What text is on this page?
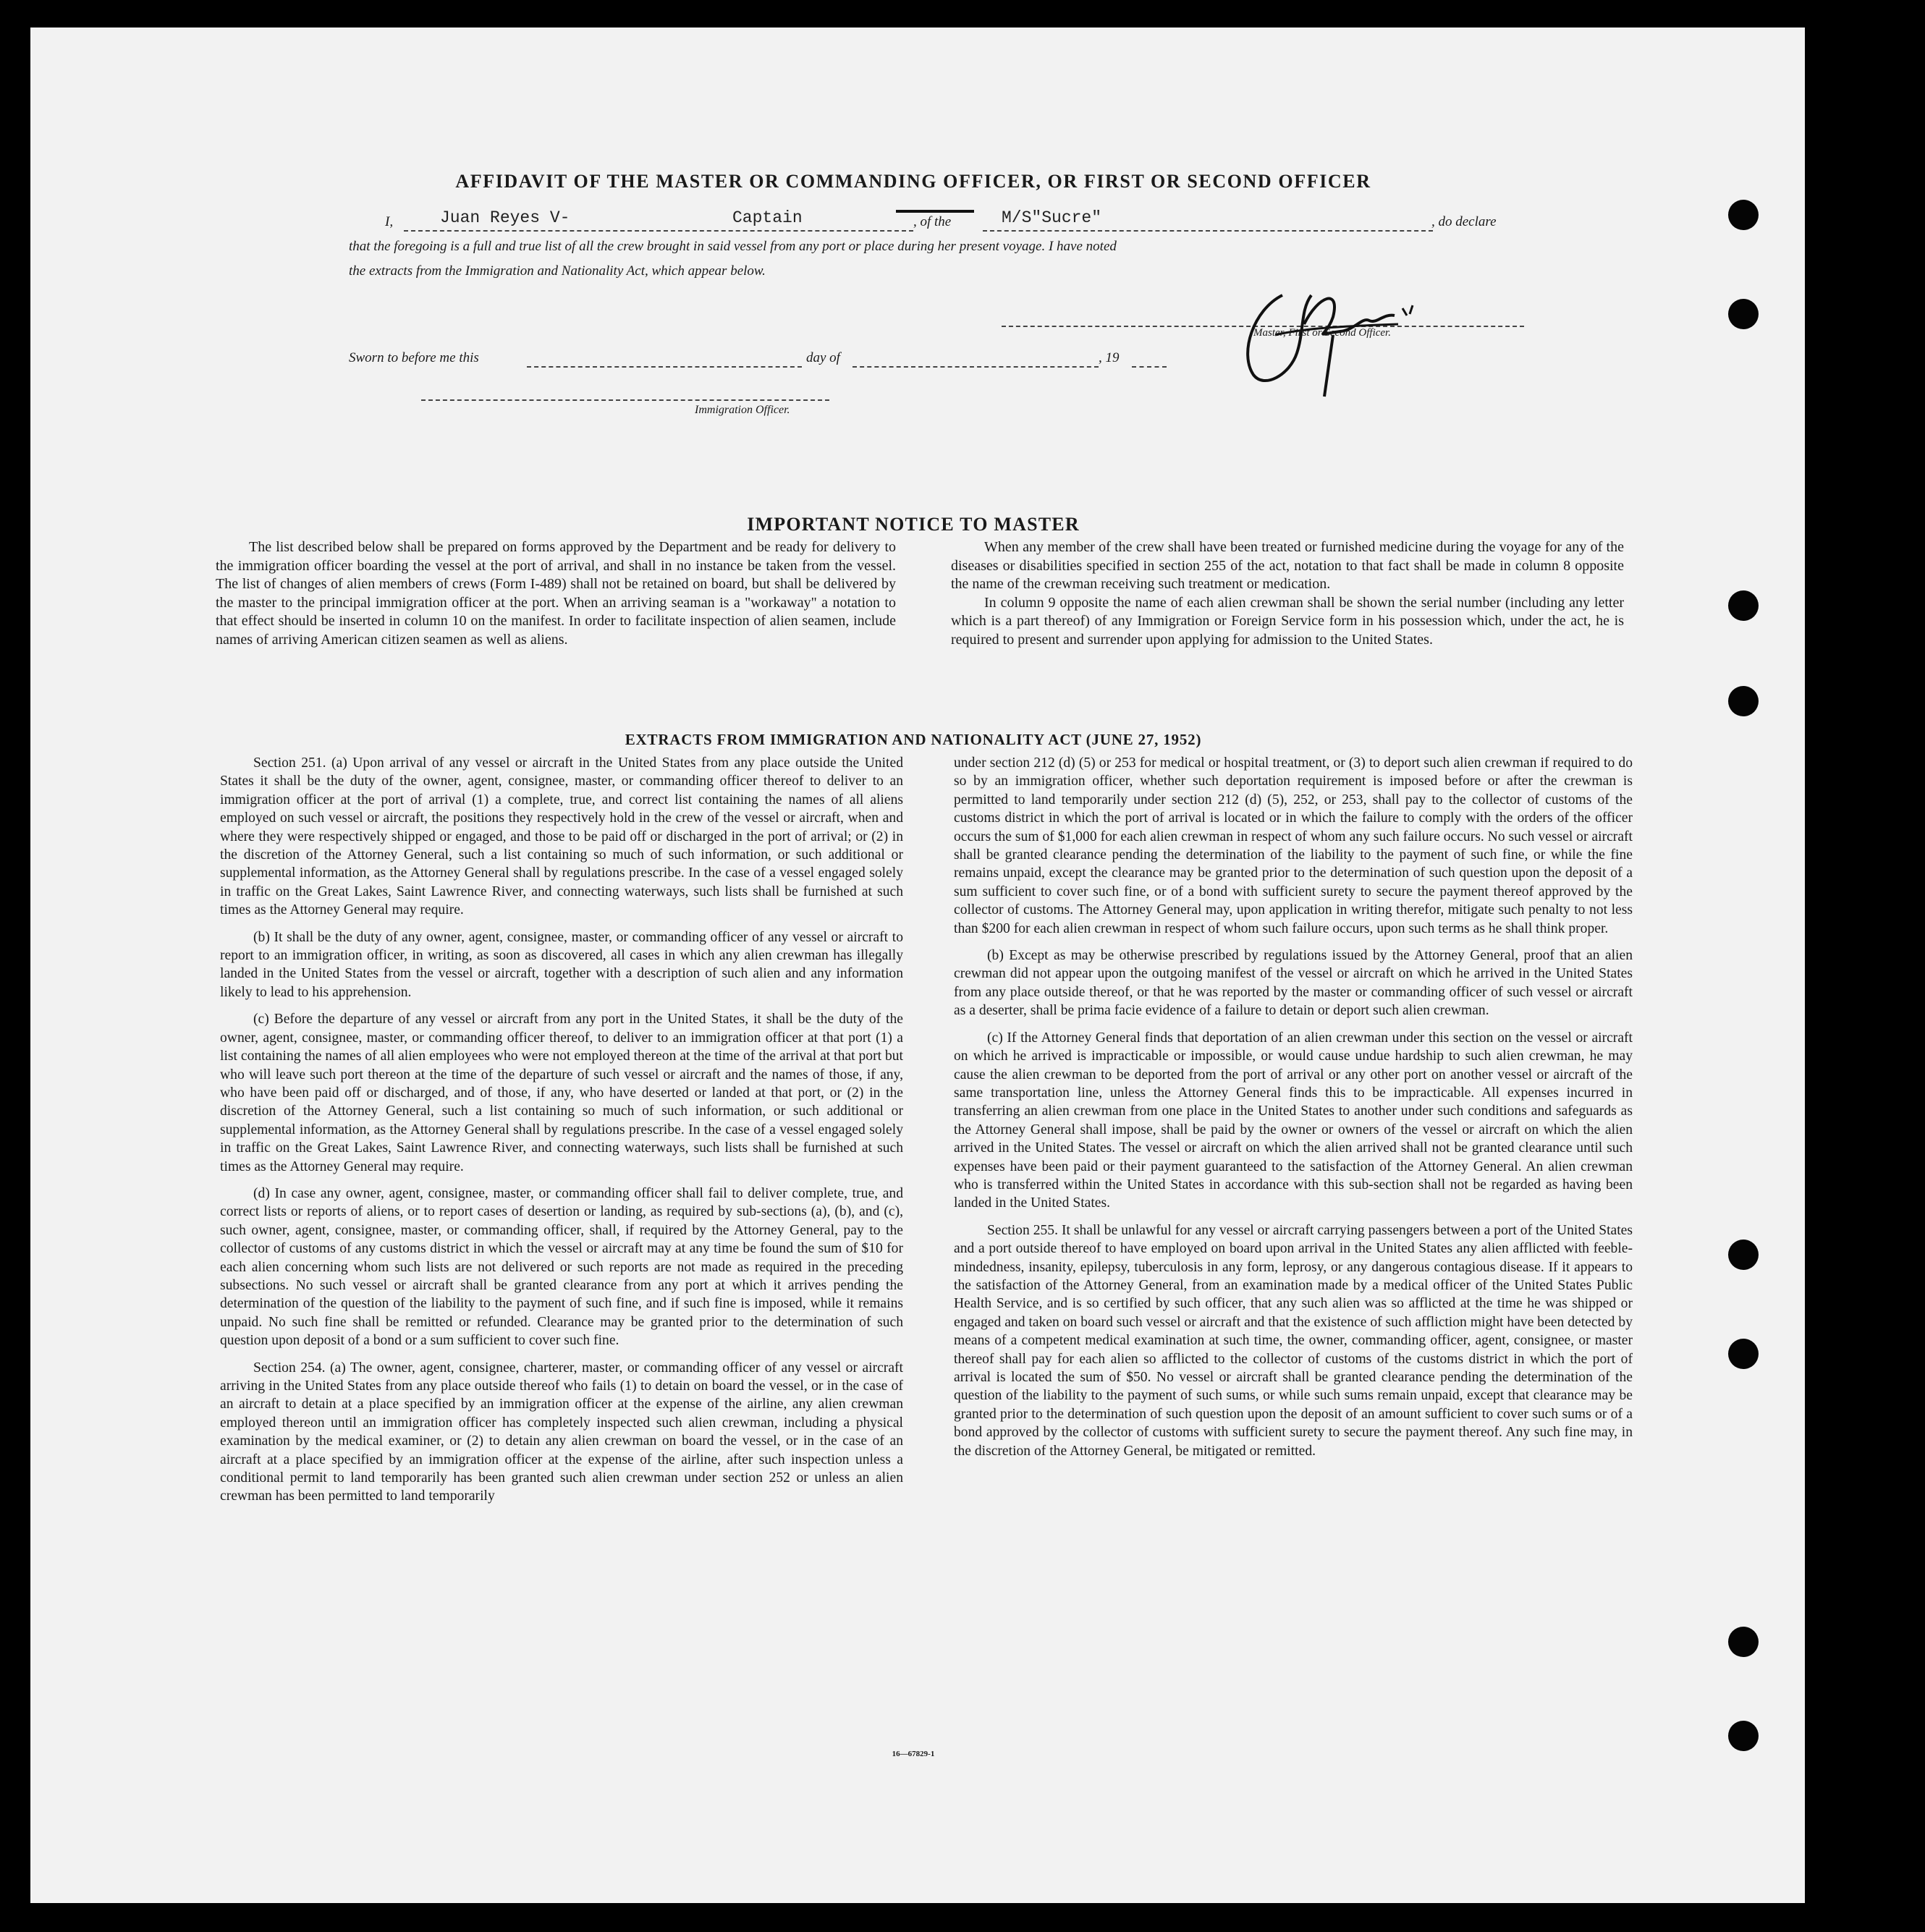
AFFIDAVIT OF THE MASTER OR COMMANDING OFFICER, OR FIRST OR SECOND OFFICER
I,	Juan Reyes V-	Captain	, of the	M/S"Sucre"	, do declare
that the foregoing is a full and true list of all the crew brought in said vessel from any port or place during her present voyage. I have noted
the extracts from the Immigration and Nationality Act, which appear below.
Master, First or Second Officer.
Sworn to before me this	day of	, 19
Immigration Officer.
IMPORTANT NOTICE TO MASTER

The list described below shall be prepared on forms approved by the Department and be ready for delivery to the immigration officer boarding the vessel at the port of arrival, and shall in no instance be taken from the vessel. The list of changes of alien members of crews (Form I-489) shall not be retained on board, but shall be delivered by the master to the principal immigration officer at the port. When an arriving seaman is a "workaway" a notation to that effect should be inserted in column 10 on the manifest. In order to facilitate inspection of alien seamen, include names of arriving American citizen seamen as well as aliens.

When any member of the crew shall have been treated or furnished medicine during the voyage for any of the diseases or disabilities specified in section 255 of the act, notation to that fact shall be made in column 8 opposite the name of the crewman receiving such treatment or medication.

In column 9 opposite the name of each alien crewman shall be shown the serial number (including any letter which is a part thereof) of any Immigration or Foreign Service form in his possession which, under the act, he is required to present and surrender upon applying for admission to the United States.

EXTRACTS FROM IMMIGRATION AND NATIONALITY ACT (JUNE 27, 1952)

Section 251. (a) Upon arrival of any vessel or aircraft in the United States from any place outside the United States it shall be the duty of the owner, agent, consignee, master, or commanding officer thereof to deliver to an immigration officer at the port of arrival (1) a complete, true, and correct list containing the names of all aliens employed on such vessel or aircraft, the positions they respectively hold in the crew of the vessel or aircraft, when and where they were respectively shipped or engaged, and those to be paid off or discharged in the port of arrival; or (2) in the discretion of the Attorney General, such a list containing so much of such information, or such additional or supplemental information, as the Attorney General shall by regulations prescribe. In the case of a vessel engaged solely in traffic on the Great Lakes, Saint Lawrence River, and connecting waterways, such lists shall be furnished at such times as the Attorney General may require.

(b) It shall be the duty of any owner, agent, consignee, master, or commanding officer of any vessel or aircraft to report to an immigration officer, in writing, as soon as discovered, all cases in which any alien crewman has illegally landed in the United States from the vessel or aircraft, together with a description of such alien and any information likely to lead to his apprehension.

(c) Before the departure of any vessel or aircraft from any port in the United States, it shall be the duty of the owner, agent, consignee, master, or commanding officer thereof, to deliver to an immigration officer at that port (1) a list containing the names of all alien employees who were not employed thereon at the time of the arrival at that port but who will leave such port thereon at the time of the departure of such vessel or aircraft and the names of those, if any, who have been paid off or discharged, and of those, if any, who have deserted or landed at that port, or (2) in the discretion of the Attorney General, such a list containing so much of such information, or such additional or supplemental information, as the Attorney General shall by regulations prescribe. In the case of a vessel engaged solely in traffic on the Great Lakes, Saint Lawrence River, and connecting waterways, such lists shall be furnished at such times as the Attorney General may require.

(d) In case any owner, agent, consignee, master, or commanding officer shall fail to deliver complete, true, and correct lists or reports of aliens, or to report cases of desertion or landing, as required by sub-sections (a), (b), and (c), such owner, agent, consignee, master, or commanding officer, shall, if required by the Attorney General, pay to the collector of customs of any customs district in which the vessel or aircraft may at any time be found the sum of $10 for each alien concerning whom such lists are not delivered or such reports are not made as required in the preceding subsections. No such vessel or aircraft shall be granted clearance from any port at which it arrives pending the determination of the question of the liability to the payment of such fine, and if such fine is imposed, while it remains unpaid. No such fine shall be remitted or refunded. Clearance may be granted prior to the determination of such question upon deposit of a bond or a sum sufficient to cover such fine.

Section 254. (a) The owner, agent, consignee, charterer, master, or commanding officer of any vessel or aircraft arriving in the United States from any place outside thereof who fails (1) to detain on board the vessel, or in the case of an aircraft to detain at a place specified by an immigration officer at the expense of the airline, any alien crewman employed thereon until an immigration officer has completely inspected such alien crewman, including a physical examination by the medical examiner, or (2) to detain any alien crewman on board the vessel, or in the case of an aircraft at a place specified by an immigration officer at the expense of the airline, after such inspection unless a conditional permit to land temporarily has been granted such alien crewman under section 252 or unless an alien crewman has been permitted to land temporarily

under section 212 (d) (5) or 253 for medical or hospital treatment, or (3) to deport such alien crewman if required to do so by an immigration officer, whether such deportation requirement is imposed before or after the crewman is permitted to land temporarily under section 212 (d) (5), 252, or 253, shall pay to the collector of customs of the customs district in which the port of arrival is located or in which the failure to comply with the orders of the officer occurs the sum of $1,000 for each alien crewman in respect of whom any such failure occurs. No such vessel or aircraft shall be granted clearance pending the determination of the liability to the payment of such fine, or while the fine remains unpaid, except the clearance may be granted prior to the determination of such question upon the deposit of a sum sufficient to cover such fine, or of a bond with sufficient surety to secure the payment thereof approved by the collector of customs. The Attorney General may, upon application in writing therefor, mitigate such penalty to not less than $200 for each alien crewman in respect of whom such failure occurs, upon such terms as he shall think proper.

(b) Except as may be otherwise prescribed by regulations issued by the Attorney General, proof that an alien crewman did not appear upon the outgoing manifest of the vessel or aircraft on which he arrived in the United States from any place outside thereof, or that he was reported by the master or commanding officer of such vessel or aircraft as a deserter, shall be prima facie evidence of a failure to detain or deport such alien crewman.

(c) If the Attorney General finds that deportation of an alien crewman under this section on the vessel or aircraft on which he arrived is impracticable or impossible, or would cause undue hardship to such alien crewman, he may cause the alien crewman to be deported from the port of arrival or any other port on another vessel or aircraft of the same transportation line, unless the Attorney General finds this to be impracticable. All expenses incurred in transferring an alien crewman from one place in the United States to another under such conditions and safeguards as the Attorney General shall impose, shall be paid by the owner or owners of the vessel or aircraft on which the alien arrived in the United States. The vessel or aircraft on which the alien arrived shall not be granted clearance until such expenses have been paid or their payment guaranteed to the satisfaction of the Attorney General. An alien crewman who is transferred within the United States in accordance with this sub-section shall not be regarded as having been landed in the United States.

Section 255. It shall be unlawful for any vessel or aircraft carrying passengers between a port of the United States and a port outside thereof to have employed on board upon arrival in the United States any alien afflicted with feeble-mindedness, insanity, epilepsy, tuberculosis in any form, leprosy, or any dangerous contagious disease. If it appears to the satisfaction of the Attorney General, from an examination made by a medical officer of the United States Public Health Service, and is so certified by such officer, that any such alien was so afflicted at the time he was shipped or engaged and taken on board such vessel or aircraft and that the existence of such affliction might have been detected by means of a competent medical examination at such time, the owner, commanding officer, agent, consignee, or master thereof shall pay for each alien so afflicted to the collector of customs of the customs district in which the port of arrival is located the sum of $50. No vessel or aircraft shall be granted clearance pending the determination of the question of the liability to the payment of such sums, or while such sums remain unpaid, except that clearance may be granted prior to the determination of such question upon the deposit of an amount sufficient to cover such sums or of a bond approved by the collector of customs with sufficient surety to secure the payment thereof. Any such fine may, in the discretion of the Attorney General, be mitigated or remitted.

16—67829-1
